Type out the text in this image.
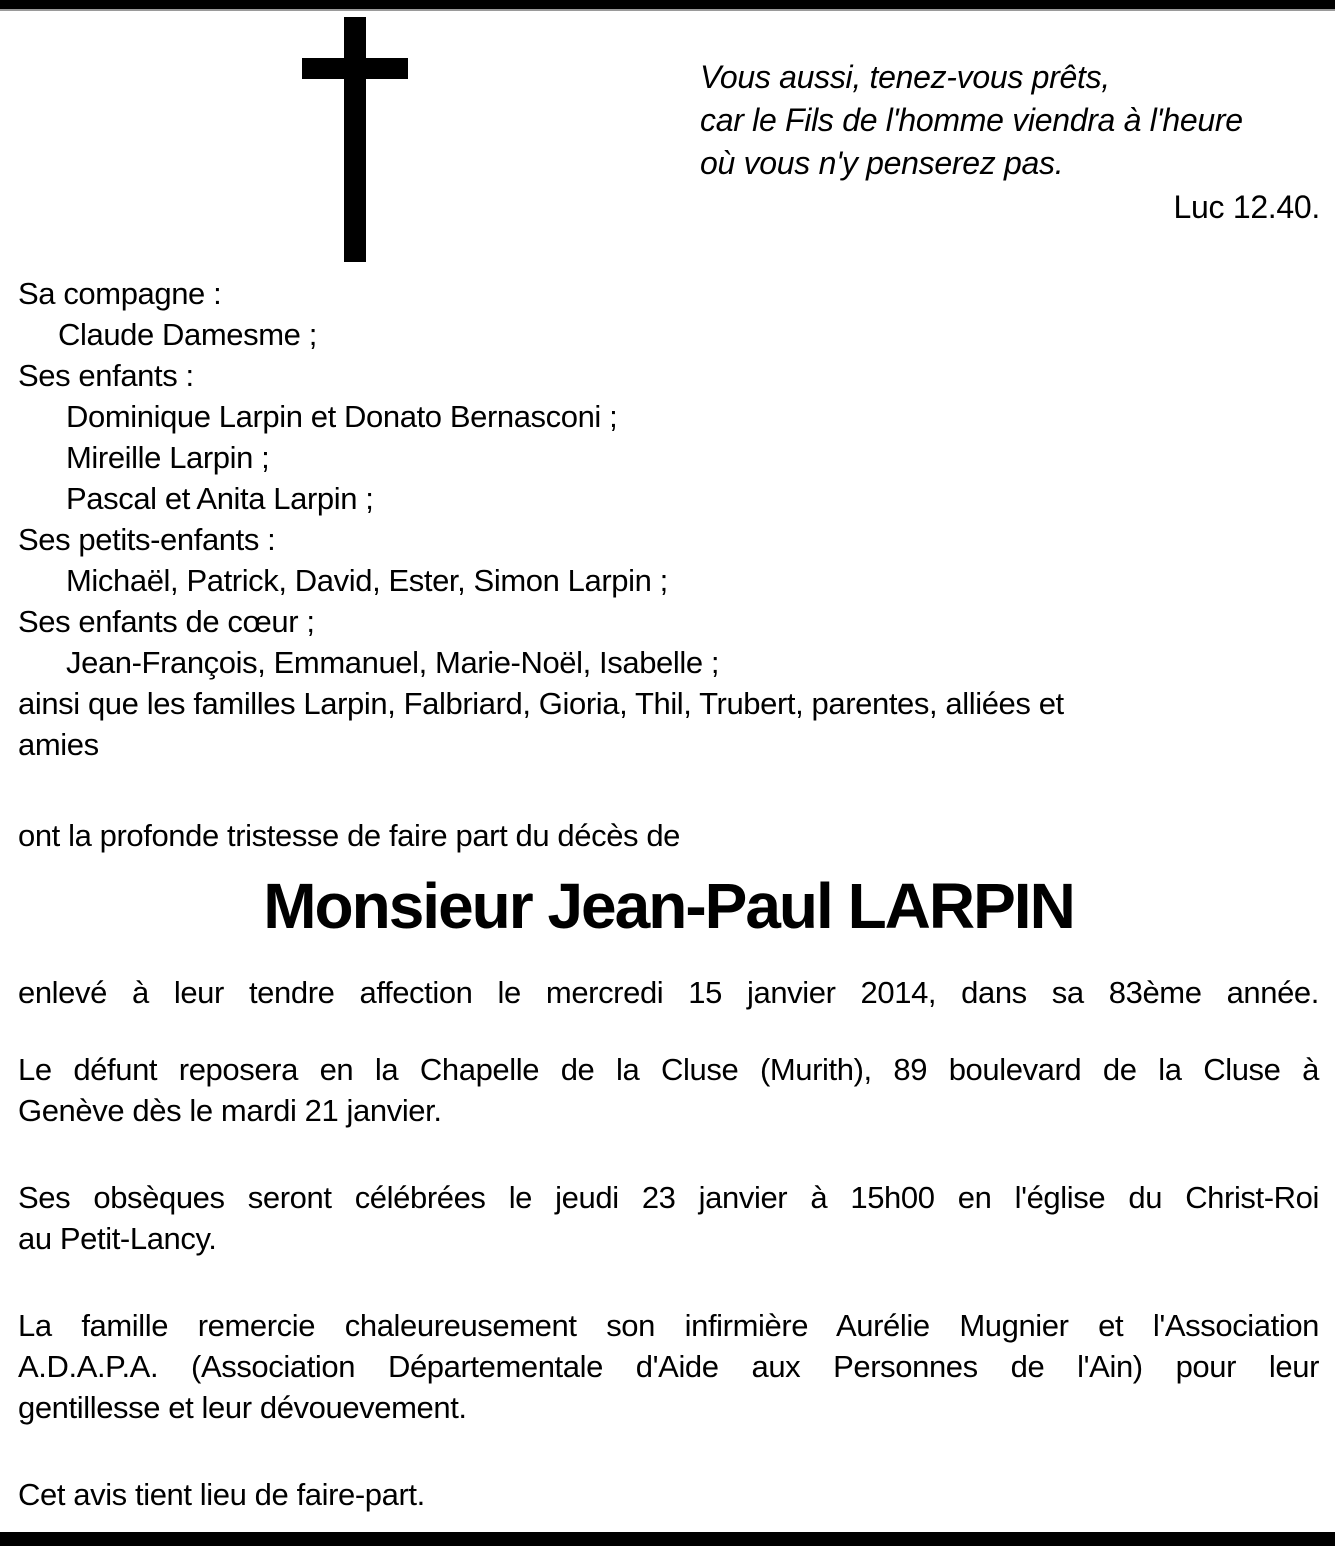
Vous aussi, tenez-vous prêts,
car le Fils de l'homme viendra à l'heure
où vous n'y penserez pas.
Luc 12.40.
Sa compagne :
Claude Damesme ;
Ses enfants :
Dominique Larpin et Donato Bernasconi ;
Mireille Larpin ;
Pascal et Anita Larpin ;
Ses petits-enfants :
Michaël, Patrick, David, Ester, Simon Larpin ;
Ses enfants de cœur ;
Jean-François, Emmanuel, Marie-Noël, Isabelle ;
ainsi que les familles Larpin, Falbriard, Gioria, Thil, Trubert, parentes, alliées et
amies
ont la profonde tristesse de faire part du décès de
Monsieur Jean-Paul LARPIN
enlevé à leur tendre affection le mercredi 15 janvier 2014, dans sa 83ème année.
Le défunt reposera en la Chapelle de la Cluse (Murith), 89 boulevard de la Cluse à
Genève dès le mardi 21 janvier.
Ses obsèques seront célébrées le jeudi 23 janvier à 15h00 en l'église du Christ-Roi
au Petit-Lancy.
La famille remercie chaleureusement son infirmière Aurélie Mugnier et l'Association
A.D.A.P.A. (Association Départementale d'Aide aux Personnes de l'Ain) pour leur
gentillesse et leur dévouevement.
Cet avis tient lieu de faire-part.
